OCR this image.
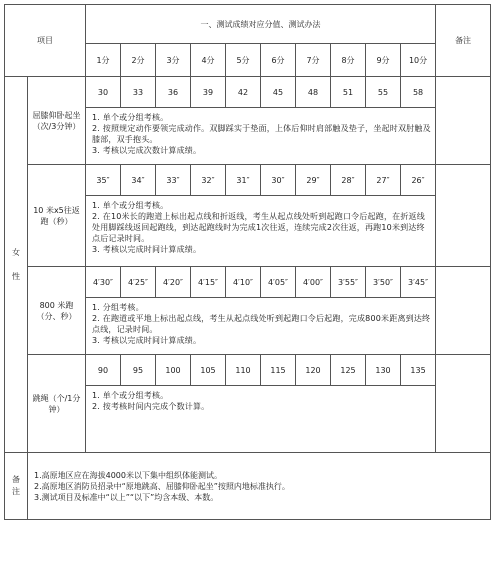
项目		一、测试成绩对应分值、测试办法										备注
		1分	2分	3分	4分	5分	6分	7分	8分	9分	10分	
女

性	屈膝仰卧起坐（次/3分钟）	30	33	36	39	42	45	48	51	55	58	

		1. 单个或分组考核。
2. 按照规定动作要领完成动作。双脚踩实于垫面，上体后仰时肩部触及垫子，坐起时双肘触及膝部，双手抱头。
3. 考核以完成次数计算成绩。										

	10 米x5往返跑（秒）	35″	34″	33″	32″	31″	30″	29″	28″	27″	26″	

		1. 单个或分组考核。
2. 在10米长的跑道上标出起点线和折返线，考生从起点线处听到起跑口令后起跑，在折返线处用脚踩线返回起跑线，到达起跑线时为完成1次往返，连续完成2次往返，再跑10米到达终点后记录时间。
3. 考核以完成时间计算成绩。										

	800 米跑（分、秒）	4′30″	4′25″	4′20″	4′15″	4′10″	4′05″	4′00″	3′55″	3′50″	3′45″	

		1. 分组考核。
2. 在跑道或平地上标出起点线，考生从起点线处听到起跑口令后起跑，完成800米距离到达终点线，记录时间。
3. 考核以完成时间计算成绩。										

	跳绳（个/1分钟）	90	95	100	105	110	115	120	125	130	135	

		1. 单个或分组考核。
2. 按考核时间内完成个数计算。										

备注	1.高原地区应在海拔4000米以下集中组织体能测试。
2.高原地区消防员招录中“原地跳高、屈膝仰卧起坐”按照内地标准执行。
3.测试项目及标准中“以上”“以下”均含本级、本数。											
